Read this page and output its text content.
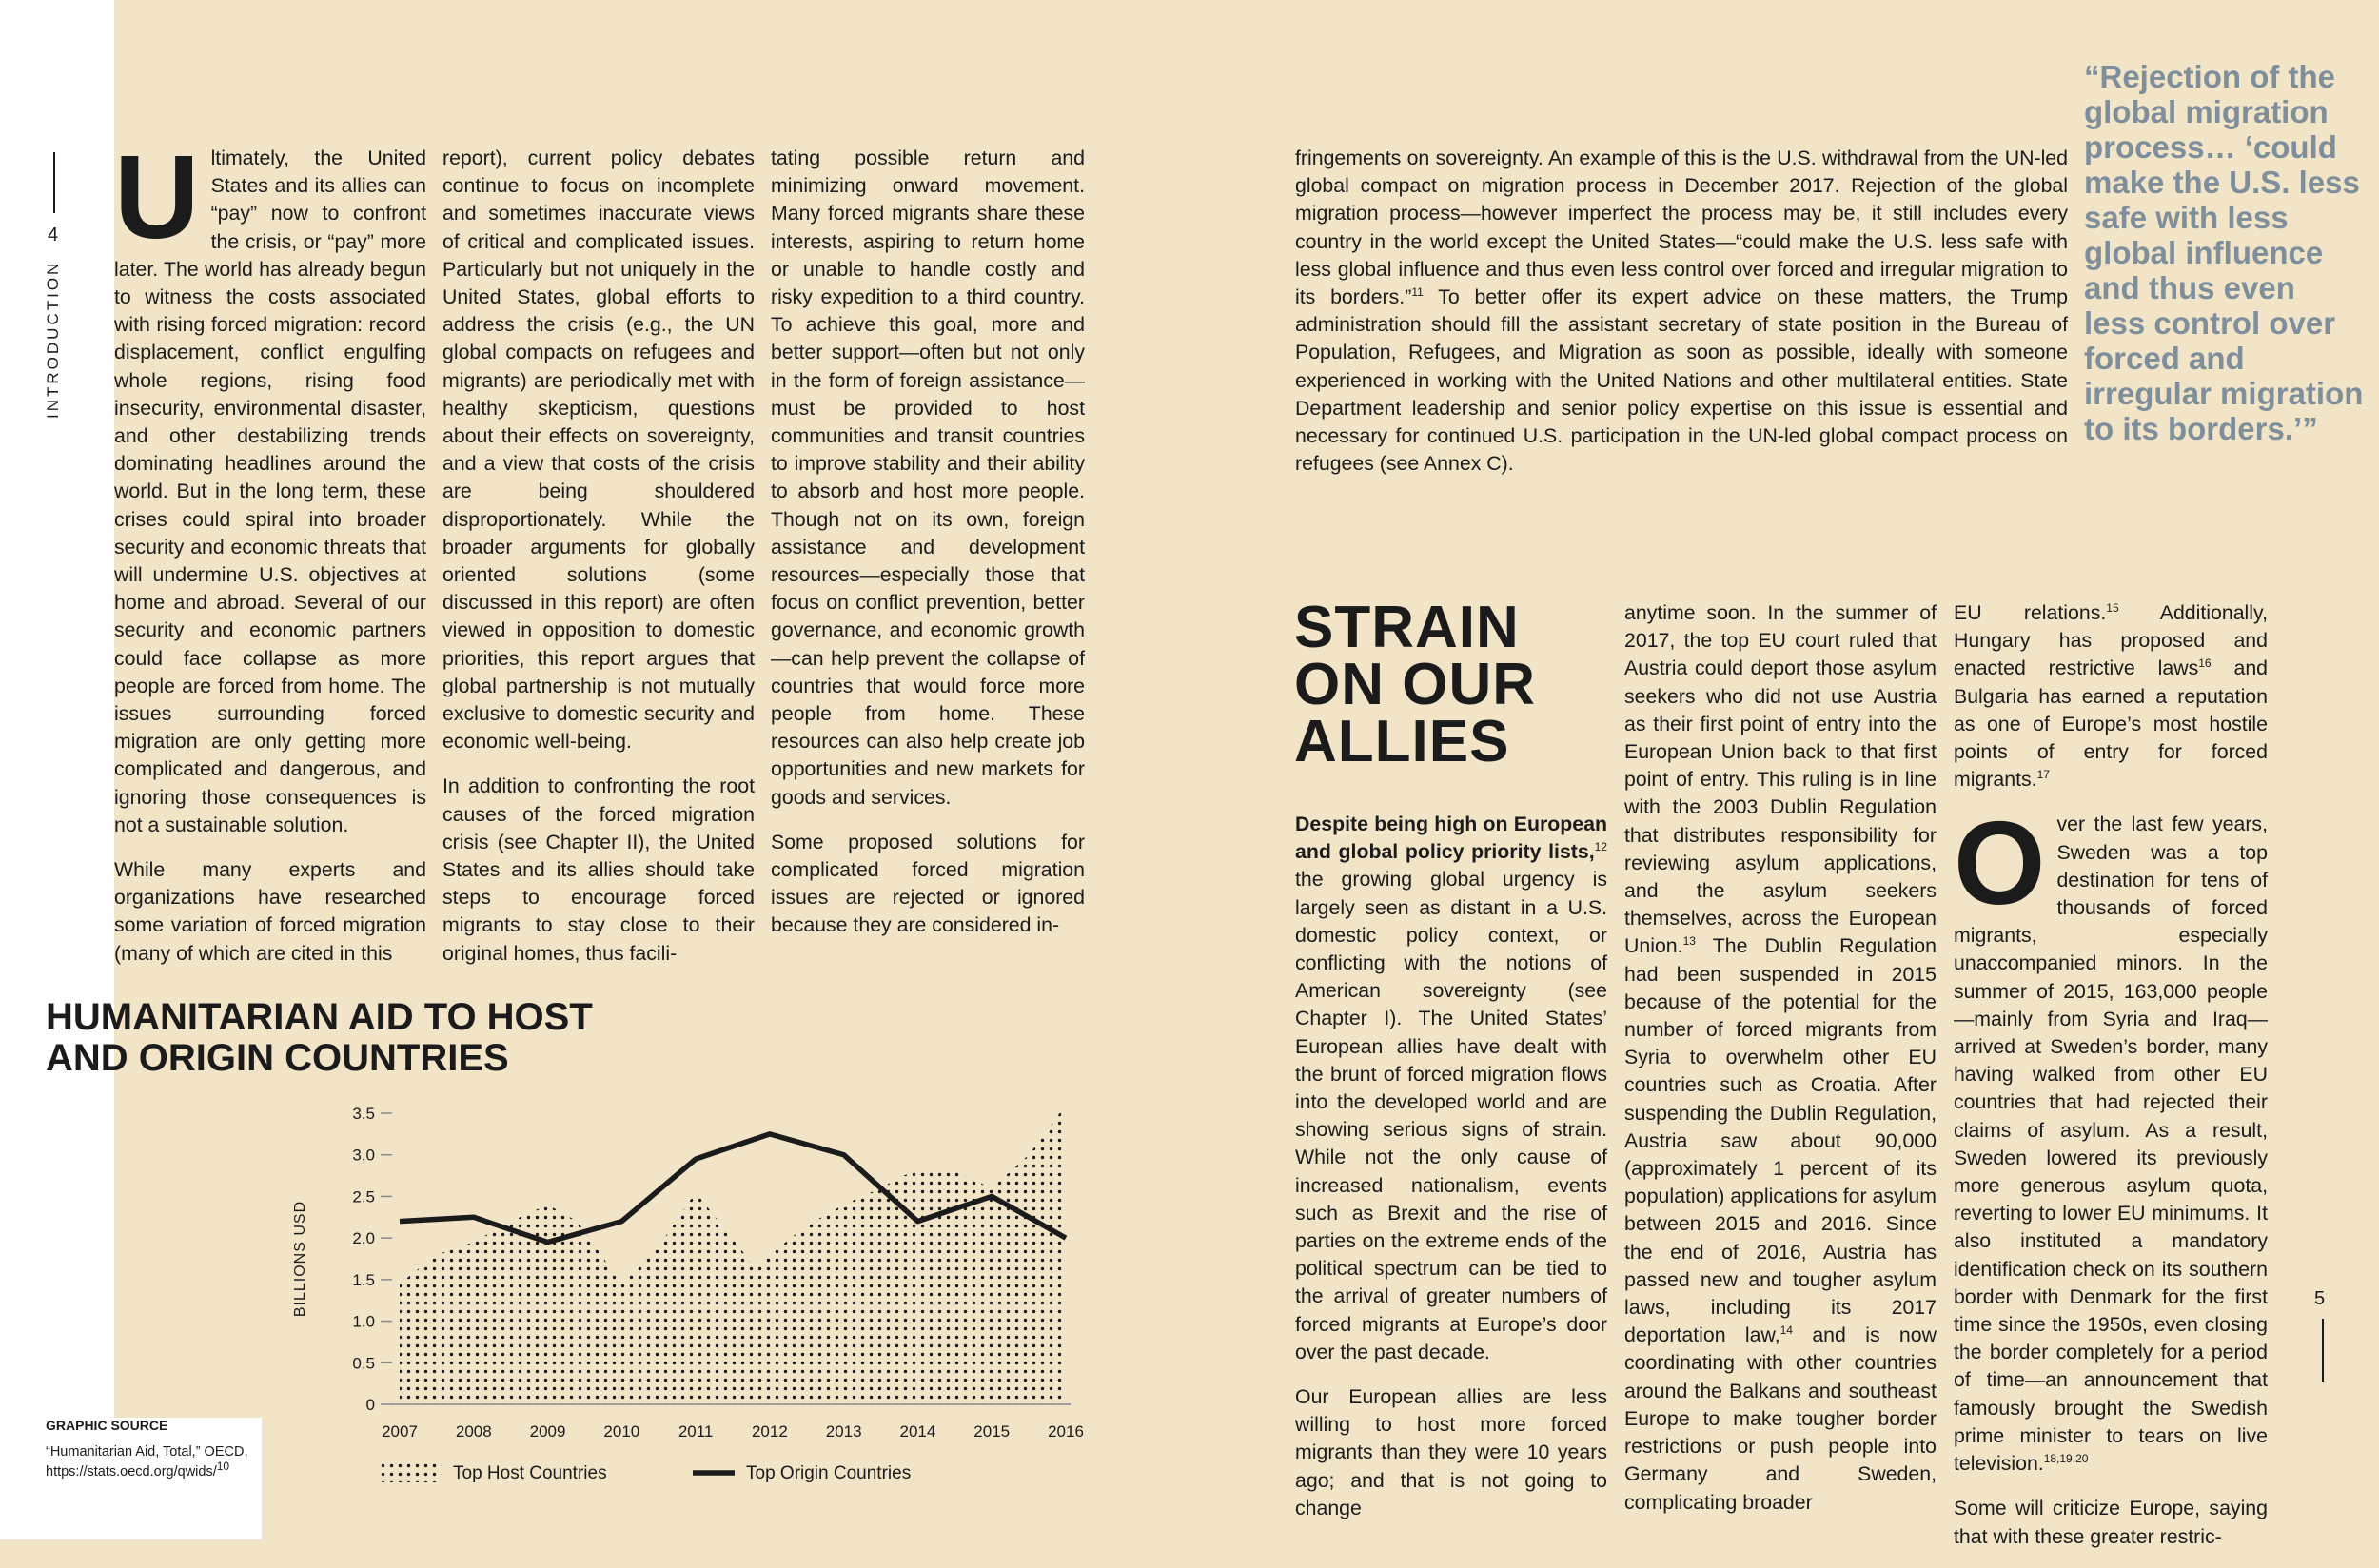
4
INTRODUCTION
5

Ultimately, the United States and its allies can “pay” now to confront the crisis, or “pay” more later. The world has already begun to witness the costs associated with rising forced migration: record displacement, conflict engulfing whole regions, rising food insecurity, environmental disaster, and other destabilizing trends dominating headlines around the world. But in the long term, these crises could spiral into broader security and economic threats that will undermine U.S. objectives at home and abroad. Several of our security and economic partners could face collapse as more people are forced from home. The issues surrounding forced migration are only getting more complicated and dangerous, and ignoring those consequences is not a sustainable solution.

While many experts and organizations have researched some variation of forced migration (many of which are cited in this

report), current policy debates continue to focus on incomplete and sometimes inaccurate views of critical and complicated issues. Particularly but not uniquely in the United States, global efforts to address the crisis (e.g., the UN global compacts on refugees and migrants) are periodically met with healthy skepticism, questions about their effects on sovereignty, and a view that costs of the crisis are being shouldered disproportionately. While the broader arguments for globally oriented solutions (some discussed in this report) are often viewed in opposition to domestic priorities, this report argues that global partnership is not mutually exclusive to domestic security and economic well-being.

In addition to confronting the root causes of the forced migration crisis (see Chapter II), the United States and its allies should take steps to encourage forced migrants to stay close to their original homes, thus facili-

tating possible return and minimizing onward movement. Many forced migrants share these interests, aspiring to return home or unable to handle costly and risky expedition to a third country. To achieve this goal, more and better support—often but not only in the form of foreign assistance—must be provided to host communities and transit countries to improve stability and their ability to absorb and host more people. Though not on its own, foreign assistance and development resources—especially those that focus on conflict prevention, better governance, and economic growth—can help prevent the collapse of countries that would force more people from home. These resources can also help create job opportunities and new markets for goods and services.

Some proposed solutions for complicated forced migration issues are rejected or ignored because they are considered in-

HUMANITARIAN AID TO HOST
AND ORIGIN COUNTRIES
0
0.5
1.0
1.5
2.0
2.5
3.0
3.5
BILLIONS USD
2007 2008 2009 2010 2011 2012 2013 2014 2015 2016
Top Host Countries	Top Origin Countries
GRAPHIC SOURCE
“Humanitarian Aid, Total,” OECD,
https://stats.oecd.org/qwids/$^{10}$

fringements on sovereignty. An example of this is the U.S. withdrawal from the UN-led global compact on migration process in December 2017. Rejection of the global migration process—however imperfect the process may be, it still includes every country in the world except the United States—“could make the U.S. less safe with less global influence and thus even less control over forced and irregular migration to its borders.”$^{11}$ To better offer its expert advice on these matters, the Trump administration should fill the assistant secretary of state position in the Bureau of Population, Refugees, and Migration as soon as possible, ideally with someone experienced in working with the United Nations and other multilateral entities. State Department leadership and senior policy expertise on this issue is essential and necessary for continued U.S. participation in the UN-led global compact process on refugees (see Annex C).

“Rejection of the global migration process… ‘could make the U.S. less safe with less global influence and thus even less control over forced and irregular migration to its borders.’”
STRAIN
ON OUR
ALLIES

Despite being high on European and global policy priority lists,$^{12}$ the growing global urgency is largely seen as distant in a U.S. domestic policy context, or conflicting with the notions of American sovereignty (see Chapter I). The United States’ European allies have dealt with the brunt of forced migration flows into the developed world and are showing serious signs of strain. While not the only cause of increased nationalism, events such as Brexit and the rise of parties on the extreme ends of the political spectrum can be tied to the arrival of greater numbers of forced migrants at Europe’s door over the past decade.

Our European allies are less willing to host more forced migrants than they were 10 years ago; and that is not going to change

anytime soon. In the summer of 2017, the top EU court ruled that Austria could deport those asylum seekers who did not use Austria as their first point of entry into the European Union back to that first point of entry. This ruling is in line with the 2003 Dublin Regulation that distributes responsibility for reviewing asylum applications, and the asylum seekers themselves, across the European Union.$^{13}$ The Dublin Regulation had been suspended in 2015 because of the potential for the number of forced migrants from Syria to overwhelm other EU countries such as Croatia. After suspending the Dublin Regulation, Austria saw about 90,000 (approximately 1 percent of its population) applications for asylum between 2015 and 2016. Since the end of 2016, Austria has passed new and tougher asylum laws, including its 2017 deportation law,$^{14}$ and is now coordinating with other countries around the Balkans and southeast Europe to make tougher border restrictions or push people into Germany and Sweden, complicating broader

EU relations.$^{15}$ Additionally, Hungary has proposed and enacted restrictive laws$^{16}$ and Bulgaria has earned a reputation as one of Europe’s most hostile points of entry for forced migrants.$^{17}$

Over the last few years, Sweden was a top destination for tens of thousands of forced migrants, especially unaccompanied minors. In the summer of 2015, 163,000 people—mainly from Syria and Iraq—arrived at Sweden’s border, many having walked from other EU countries that had rejected their claims of asylum. As a result, Sweden lowered its previously more generous asylum quota, reverting to lower EU minimums. It also instituted a mandatory identification check on its southern border with Denmark for the first time since the 1950s, even closing the border completely for a period of time—an announcement that famously brought the Swedish prime minister to tears on live television.$^{18,19,20}$

Some will criticize Europe, saying that with these greater restric-
